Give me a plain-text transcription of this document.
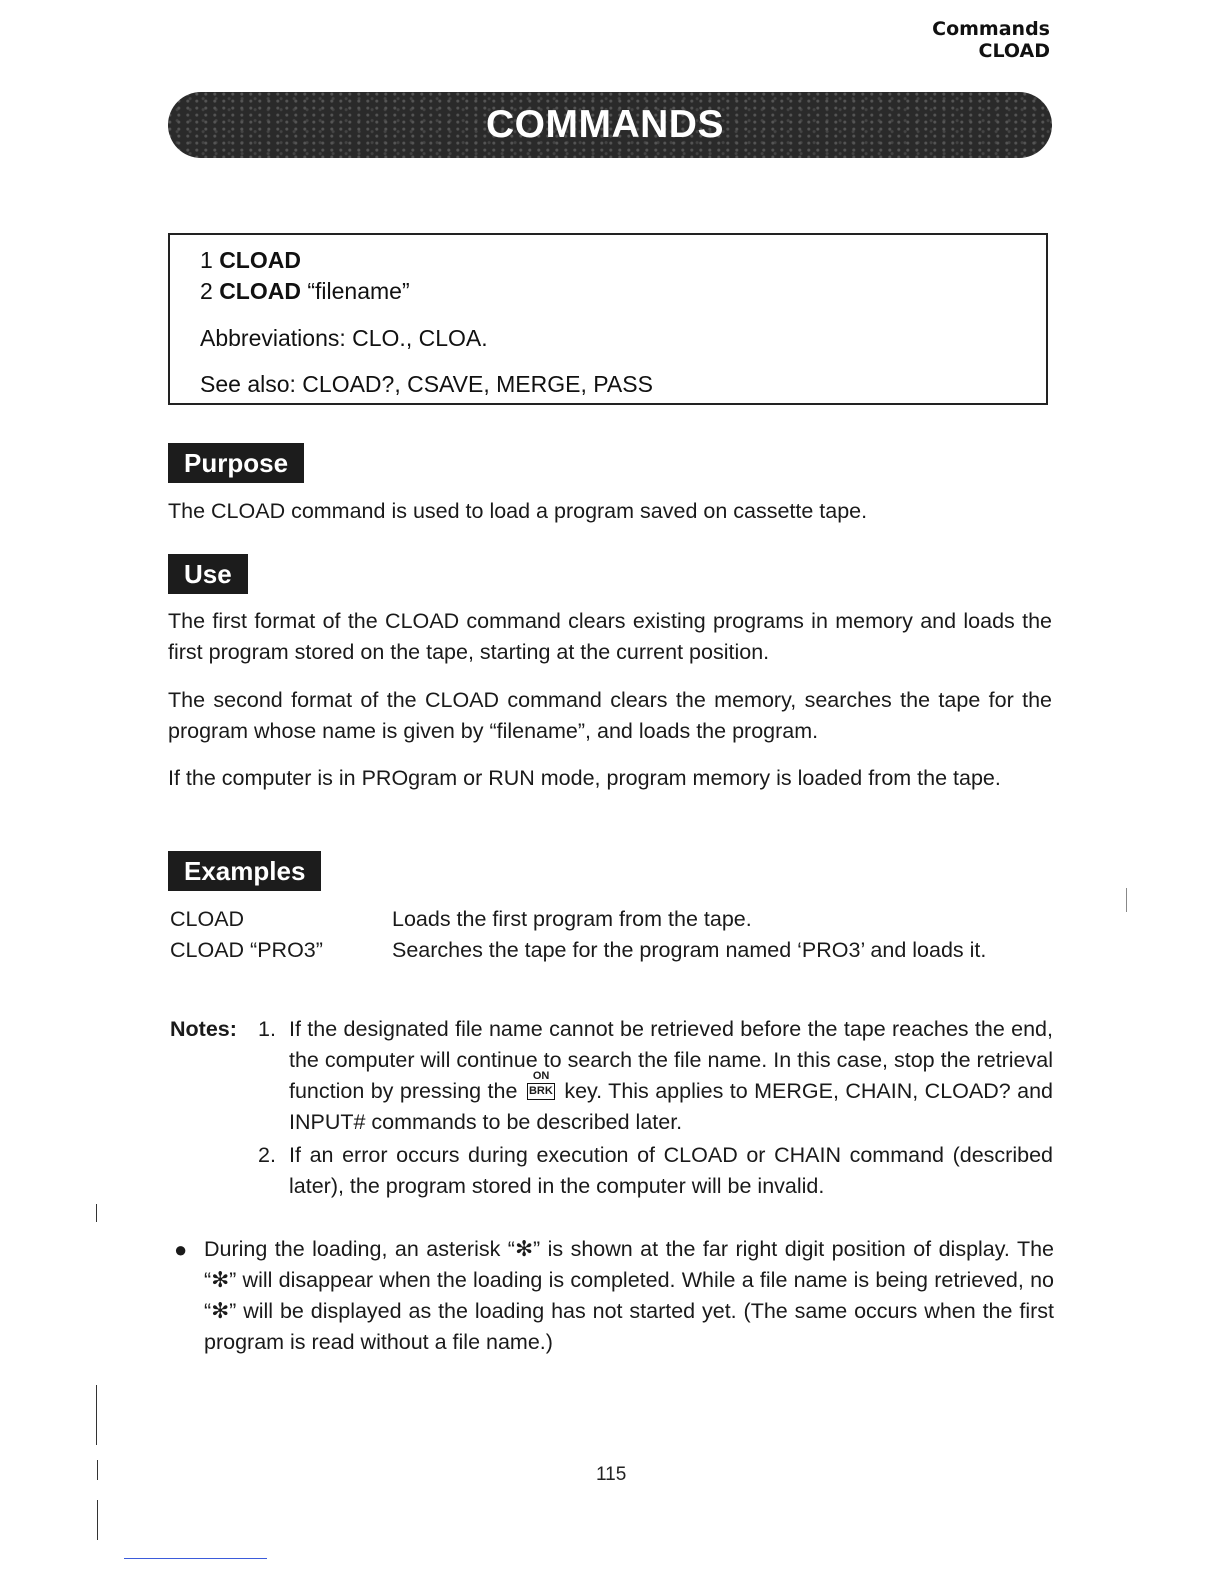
Commands
CLOAD
COMMANDS
1 CLOAD
2 CLOAD “filename”
Abbreviations: CLO., CLOA.
See also: CLOAD?, CSAVE, MERGE, PASS
Purpose
The CLOAD command is used to load a program saved on cassette tape.
Use
The first format of the CLOAD command clears existing programs in memory and loads the first program stored on the tape, starting at the current position.
The second format of the CLOAD command clears the memory, searches the tape for the program whose name is given by “filename”, and loads the program.
If the computer is in PROgram or RUN mode, program memory is loaded from the tape.
Examples
CLOAD	Loads the first program from the tape.
CLOAD “PRO3”	Searches the tape for the program named ‘PRO3’ and loads it.
Notes: 1. If the designated file name cannot be retrieved before the tape reaches the end, the computer will continue to search the file name. In this case, stop the retrieval function by pressing the
ON
BRK key. This applies to MERGE, CHAIN, CLOAD? and INPUT# commands to be described later.
2. If an error occurs during execution of CLOAD or CHAIN command (described later), the program stored in the computer will be invalid.
● During the loading, an asterisk “✻” is shown at the far right digit position of display. The “✻” will disappear when the loading is completed. While a file name is being retrieved, no “✻” will be displayed as the loading has not started yet. (The same occurs when the first program is read without a file name.)
115
